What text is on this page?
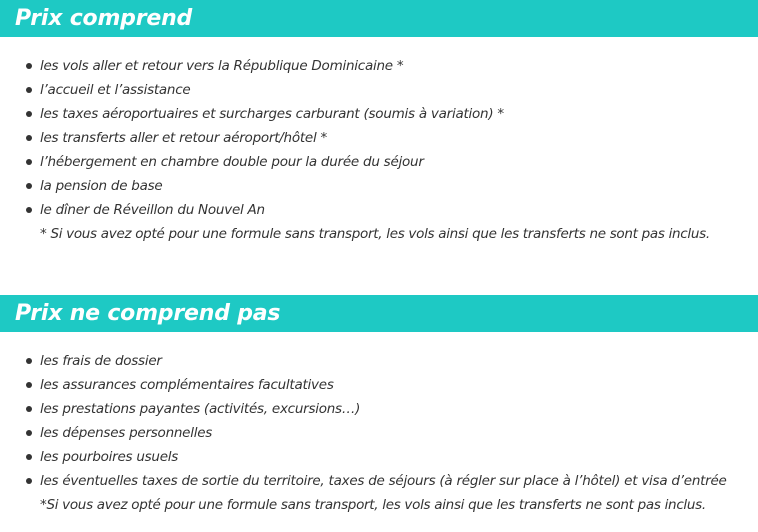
Prix comprend
les vols aller et retour vers la République Dominicaine *
l’accueil et l’assistance
les taxes aéroportuaires et surcharges carburant (soumis à variation) *
les transferts aller et retour aéroport/hôtel *
l’hébergement en chambre double pour la durée du séjour
la pension de base
le dîner de Réveillon du Nouvel An
* Si vous avez opté pour une formule sans transport, les vols ainsi que les transferts ne sont pas inclus.
Prix ne comprend pas
les frais de dossier
les assurances complémentaires facultatives
les prestations payantes (activités, excursions…)
les dépenses personnelles
les pourboires usuels
les éventuelles taxes de sortie du territoire, taxes de séjours (à régler sur place à l’hôtel) et visa d’entrée
*Si vous avez opté pour une formule sans transport, les vols ainsi que les transferts ne sont pas inclus.
